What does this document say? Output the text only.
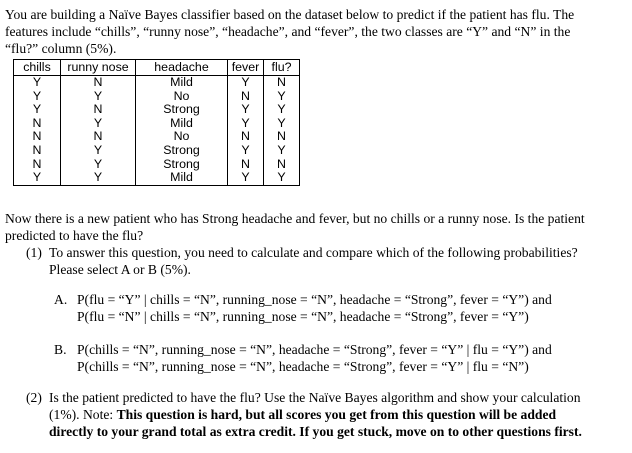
You are building a Naïve Bayes classifier based on the dataset below to predict if the patient has flu. The
features include “chills”, “runny nose”, “headache”, and “fever”, the two classes are “Y” and “N” in the
“flu?” column (5%).
chills	runny nose	headache	fever	flu?
Y	N	Mild	Y	N
Y	Y	No	N	Y
Y	N	Strong	Y	Y
N	Y	Mild	Y	Y
N	N	No	N	N
N	Y	Strong	Y	Y
N	Y	Strong	N	N
Y	Y	Mild	Y	Y
Now there is a new patient who has Strong headache and fever, but no chills or a runny nose. Is the patient
predicted to have the flu?
(1) To answer this question, you need to calculate and compare which of the following probabilities?
Please select A or B (5%).
A. P(flu = “Y” | chills = “N”, running_nose = “N”, headache = “Strong”, fever = “Y”) and
P(flu = “N” | chills = “N”, running_nose = “N”, headache = “Strong”, fever = “Y”)
B. P(chills = “N”, running_nose = “N”, headache = “Strong”, fever = “Y” | flu = “Y”) and
P(chills = “N”, running_nose = “N”, headache = “Strong”, fever = “Y” | flu = “N”)
(2) Is the patient predicted to have the flu? Use the Naïve Bayes algorithm and show your calculation
(1%). Note: This question is hard, but all scores you get from this question will be added
directly to your grand total as extra credit. If you get stuck, move on to other questions first.
